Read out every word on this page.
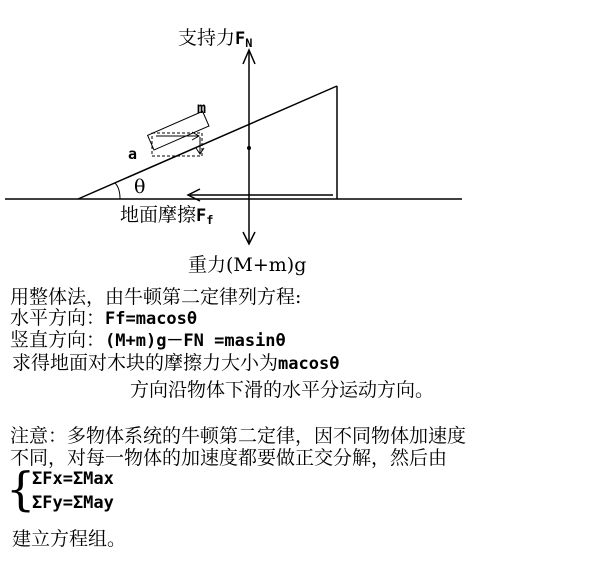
支持力$F_N$
m
a
θ
地面摩擦$F_f$
重力(M+m)g
用整体法，由牛顿第二定律列方程:
水平方向：Ff=macosθ
竖直方向：(M+m)g－FN =masinθ
求得地面对木块的摩擦力大小为macosθ
方向沿物体下滑的水平分运动方向。
注意：多物体系统的牛顿第二定律，因不同物体加速度
不同，对每一物体的加速度都要做正交分解，然后由
{
ΣFx=ΣMax
ΣFy=ΣMay
建立方程组。
